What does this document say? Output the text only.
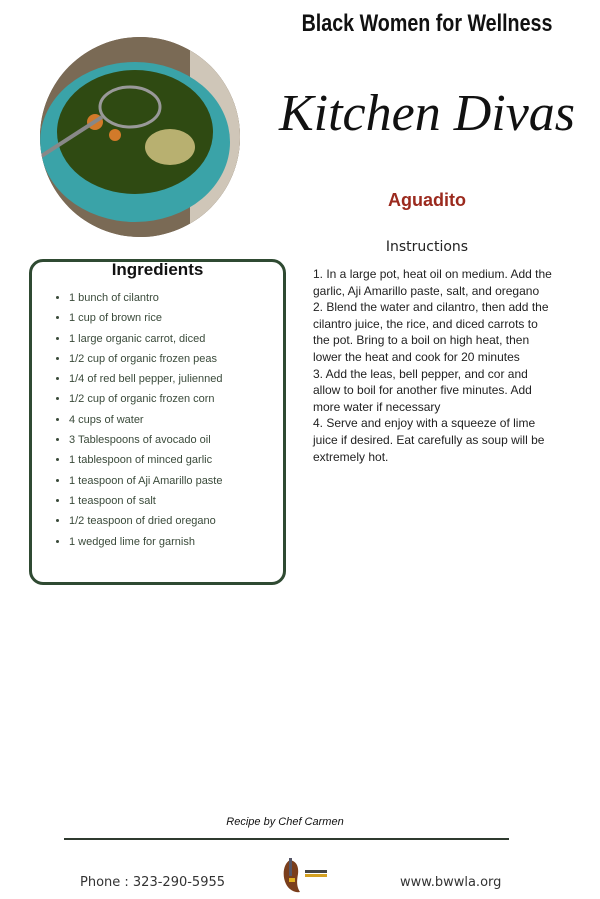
Black Women for Wellness
Kitchen Divas
Aguadito
Instructions
1. In a large pot, heat oil on medium. Add the garlic, Aji Amarillo paste, salt, and oregano
2. Blend the water and cilantro, then add the cilantro juice, the rice, and diced carrots to the pot. Bring to a boil on high heat, then lower the heat and cook for 20 minutes
3. Add the leas, bell pepper, and cor and allow to boil for another five minutes. Add more water if necessary
4. Serve and enjoy with a squeeze of lime juice if desired. Eat carefully as soup will be extremely hot.
Ingredients
• 1 bunch of cilantro
• 1 cup of brown rice
• 1 large organic carrot, diced
• 1/2 cup of organic frozen peas
• 1/4 of red bell pepper, julienned
• 1/2 cup of organic frozen corn
• 4 cups of water
• 3 Tablespoons of avocado oil
• 1 tablespoon of minced garlic
• 1 teaspoon of Aji Amarillo paste
• 1 teaspoon of salt
• 1/2 teaspoon of dried oregano
• 1 wedged lime for garnish
Recipe by Chef Carmen
Phone : 323-290-5955	www.bwwla.org
